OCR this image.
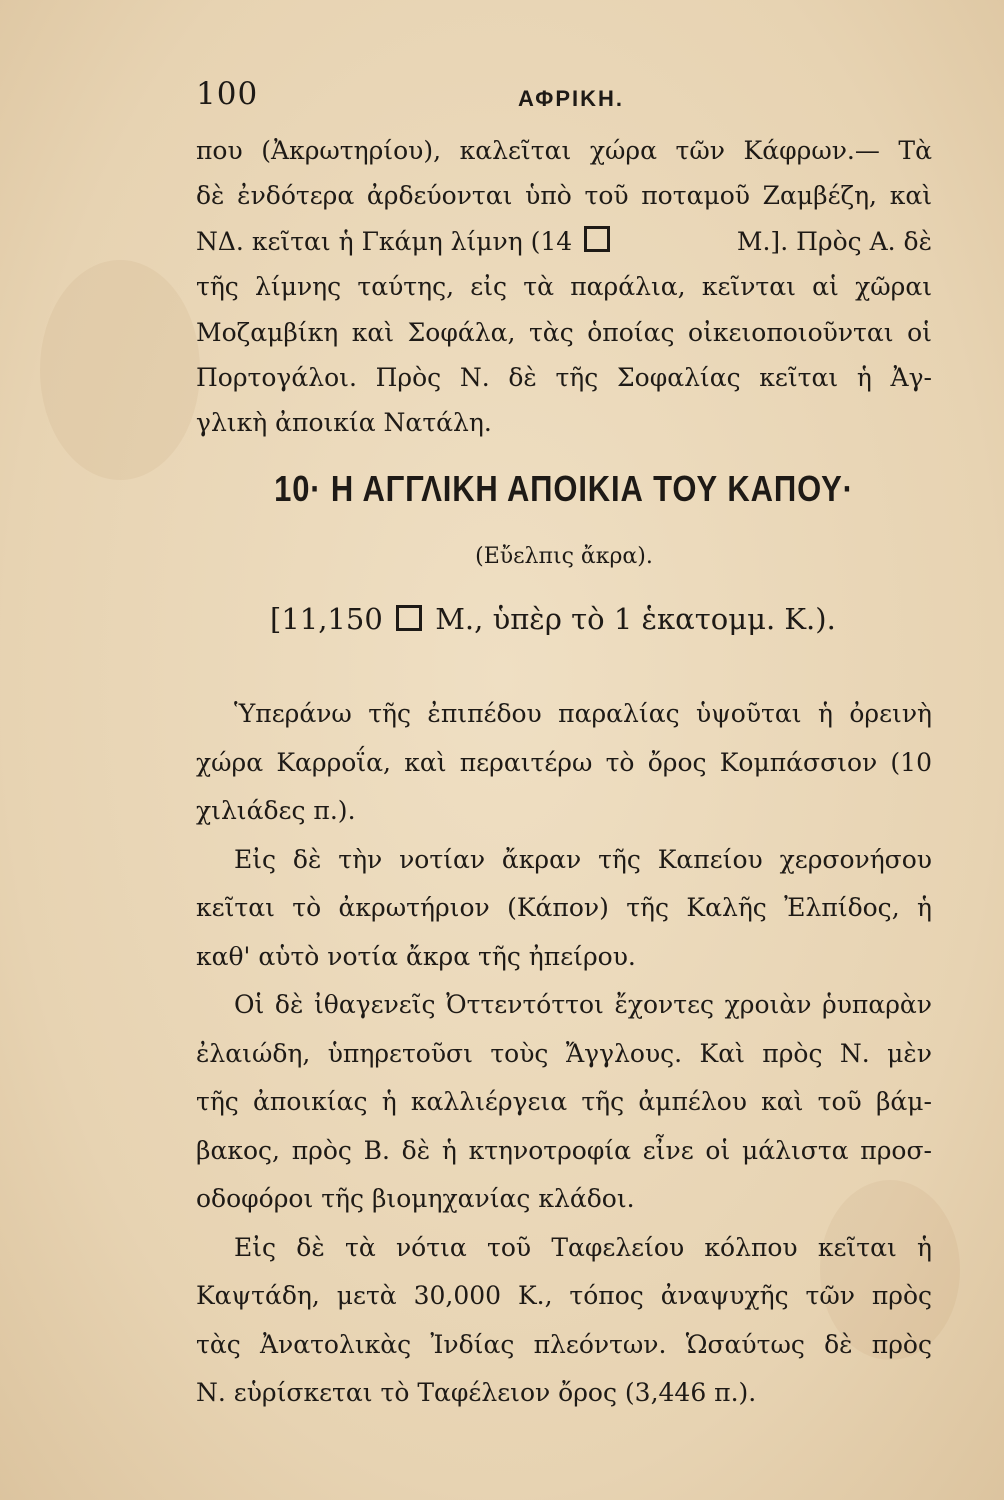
100	ΑΦΡΙΚΗ.
που (Ἀκρωτηρίου), καλεῖται χώρα τῶν Κάφρων.— Τὰ
δὲ ἐνδότερα ἀρδεύονται ὑπὸ τοῦ ποταμοῦ Ζαμβέζη, καὶ
ΝΔ. κεῖται ἡ Γκάμη λίμνη (14	Μ.]. Πρὸς Α. δὲ
τῆς λίμνης ταύτης, εἰς τὰ παράλια, κεῖνται αἱ χῶραι
Μοζαμβίκη καὶ Σοφάλα, τὰς ὁποίας οἰκειοποιοῦνται οἱ
Πορτογάλοι. Πρὸς Ν. δὲ τῆς Σοφαλίας κεῖται ἡ Ἀγ-
γλικὴ ἀποικία Νατάλη.
10· Η ΑΓΓΛΙΚΗ ΑΠΟΙΚΙΑ ΤΟΥ ΚΑΠΟΥ·
(Εὔελπις ἄκρα).
[11,150 Μ., ὑπὲρ τὸ 1 ἑκατομμ. Κ.).
Ὑπεράνω τῆς ἐπιπέδου παραλίας ὑψοῦται ἡ ὀρεινὴ
χώρα Καρροΐα, καὶ περαιτέρω τὸ ὄρος Κομπάσσιον (10
χιλιάδες π.).
Εἰς δὲ τὴν νοτίαν ἄκραν τῆς Καπείου χερσονήσου
κεῖται τὸ ἀκρωτήριον (Κάπον) τῆς Καλῆς Ἐλπίδος, ἡ
καθ' αὑτὸ νοτία ἄκρα τῆς ἠπείρου.
Οἱ δὲ ἰθαγενεῖς Ὀττεντόττοι ἔχοντες χροιὰν ῥυπαρὰν
ἐλαιώδη, ὑπηρετοῦσι τοὺς Ἄγγλους. Καὶ πρὸς Ν. μὲν
τῆς ἀποικίας ἡ καλλιέργεια τῆς ἀμπέλου καὶ τοῦ βάμ-
βακος, πρὸς Β. δὲ ἡ κτηνοτροφία εἶνε οἱ μάλιστα προσ-
οδοφόροι τῆς βιομηχανίας κλάδοι.
Εἰς δὲ τὰ νότια τοῦ Ταφελείου κόλπου κεῖται ἡ
Καψτάδη, μετὰ 30,000 Κ., τόπος ἀναψυχῆς τῶν πρὸς
τὰς Ἀνατολικὰς Ἰνδίας πλεόντων. Ὡσαύτως δὲ πρὸς
Ν. εὑρίσκεται τὸ Ταφέλειον ὄρος (3,446 π.).
